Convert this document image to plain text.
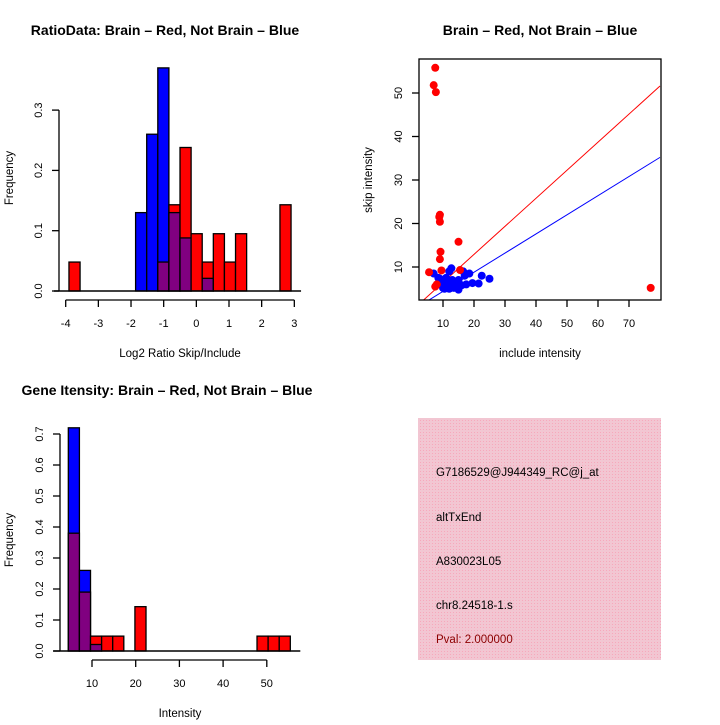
RatioData: Brain – Red, Not Brain – Blue
0.0
0.1
0.2
0.3
-4 -3 -2 -1 0 1 2 3
Log2 Ratio Skip/Include
Frequency
Brain – Red, Not Brain – Blue
10 20 30 40 50 60 70
10
20
30
40
50
include intensity
skip intensity
Gene Itensity: Brain – Red, Not Brain – Blue
0.0
0.1
0.2
0.3
0.4
0.5
0.6
0.7
10	20	30	40	50
Intensity
Frequency
G7186529@J944349_RC@j_at
altTxEnd
A830023L05
chr8.24518-1.s
Pval: 2.000000
